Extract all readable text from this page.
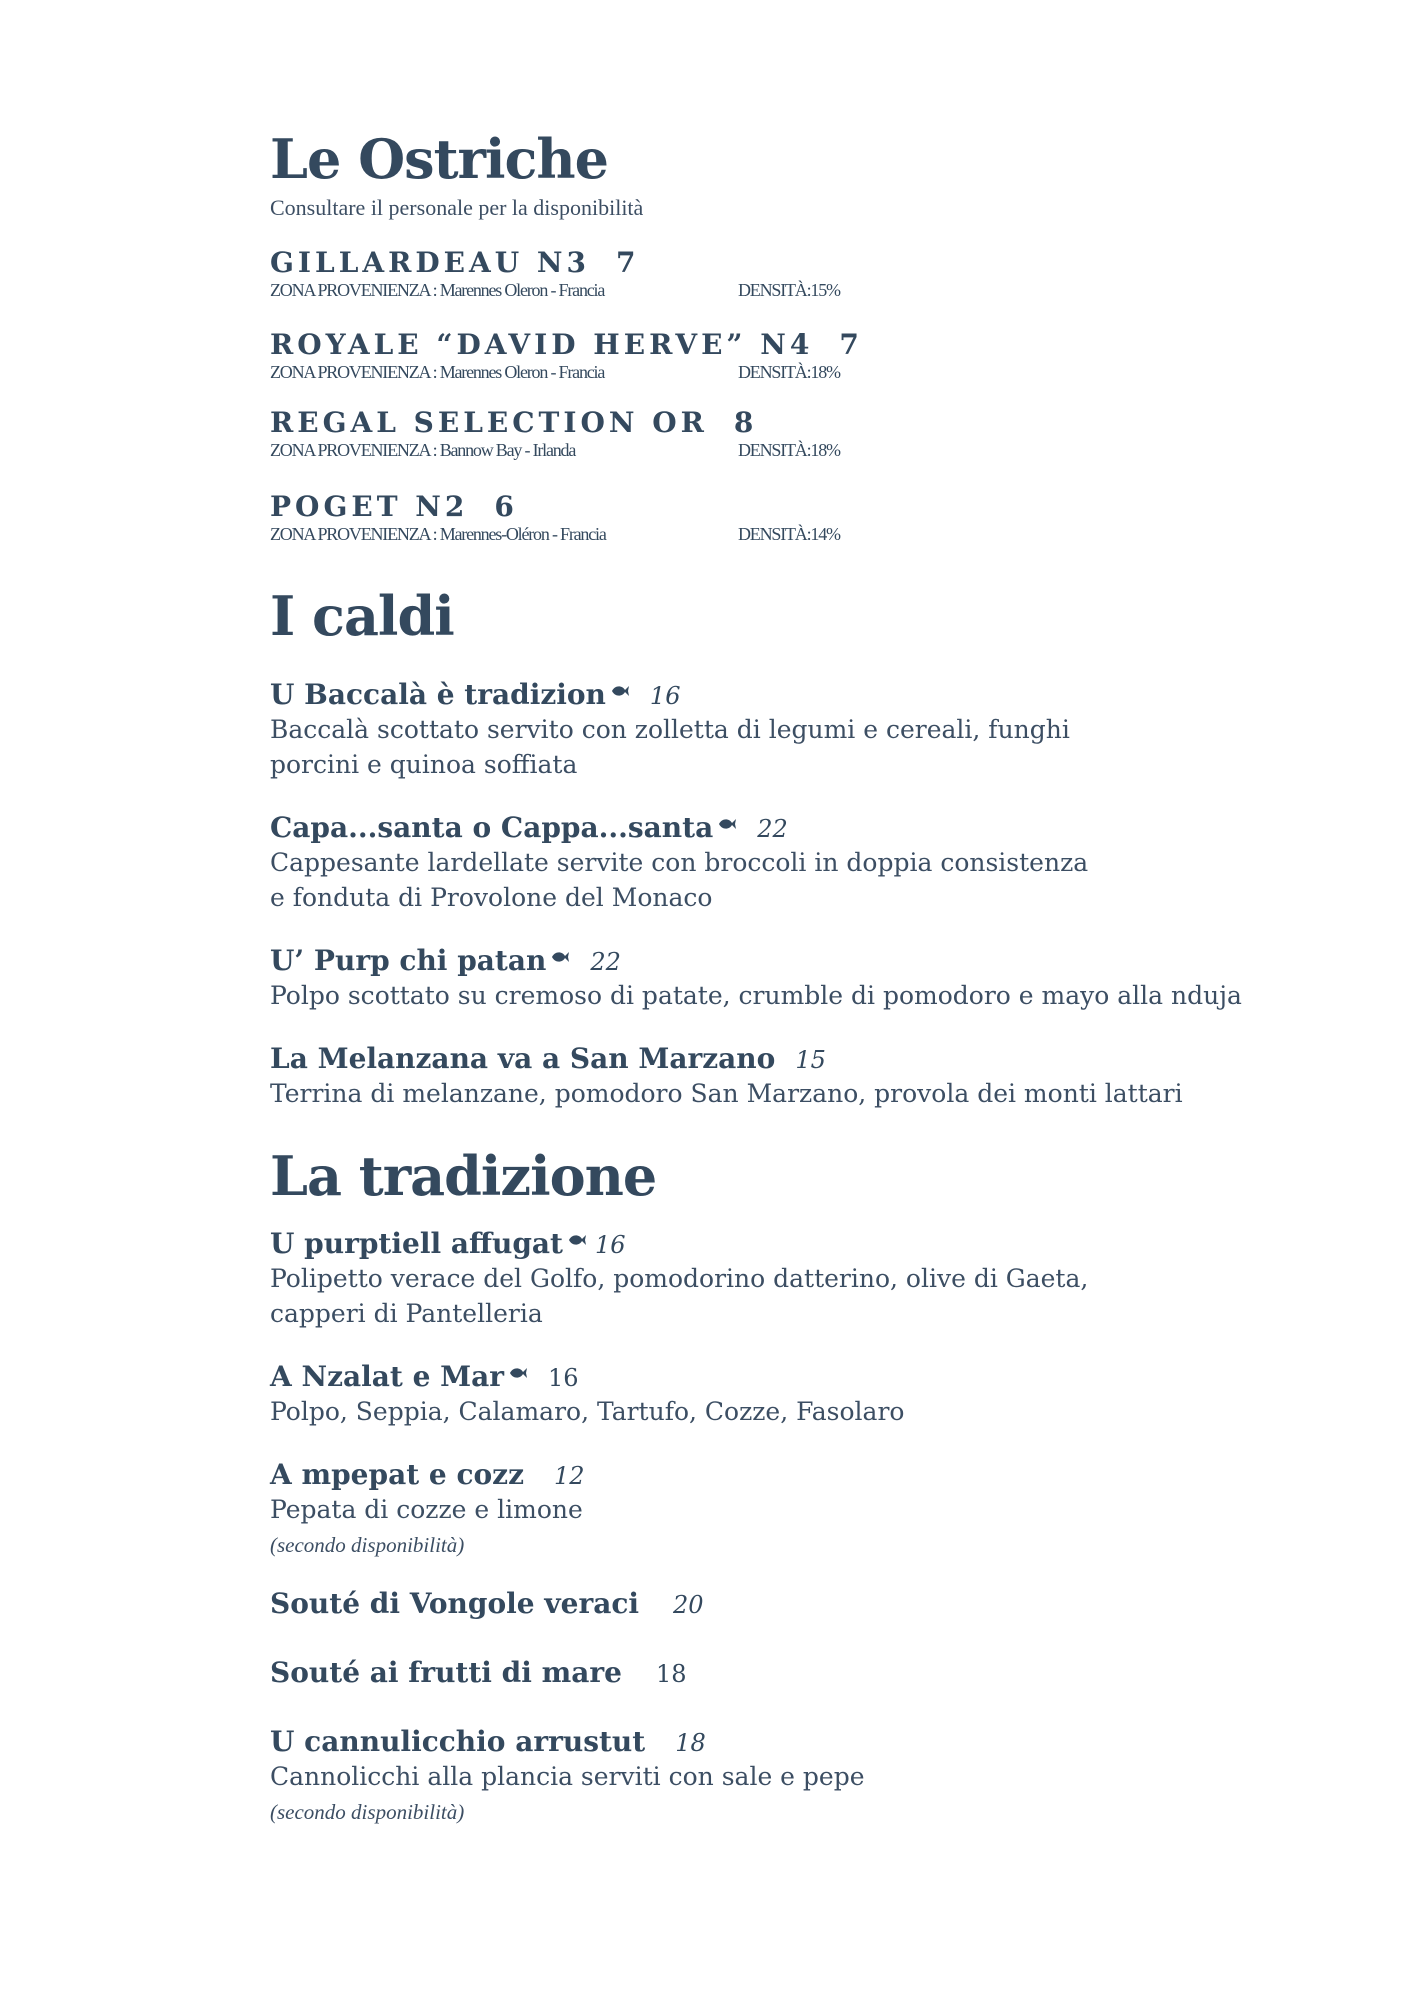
Le Ostriche
Consultare il personale per la disponibilità
GILLARDEAU N3 7
ZONA PROVENIENZA : Marennes Oleron - Francia	DENSITÀ:15%
ROYALE “DAVID HERVE” N4 7
ZONA PROVENIENZA : Marennes Oleron - Francia	DENSITÀ:18%
REGAL SELECTION OR 8
ZONA PROVENIENZA : Bannow Bay - Irlanda	DENSITÀ:18%
POGET N2 6
ZONA PROVENIENZA : Marennes-Oléron - Francia	DENSITÀ:14%
I caldi
U Baccalà è tradizion 16
Baccalà scottato servito con zolletta di legumi e cereali, funghi porcini e quinoa soffiata
Capa...santa o Cappa...santa 22
Cappesante lardellate servite con broccoli in doppia consistenza e fonduta di Provolone del Monaco
U’ Purp chi patan 22
Polpo scottato su cremoso di patate, crumble di pomodoro e mayo alla nduja
La Melanzana va a San Marzano 15
Terrina di melanzane, pomodoro San Marzano, provola dei monti lattari
La tradizione
U purptiell affugat 16
Polipetto verace del Golfo, pomodorino datterino, olive di Gaeta, capperi di Pantelleria
A Nzalat e Mar 16
Polpo, Seppia, Calamaro, Tartufo, Cozze, Fasolaro
A mpepat e cozz 12
Pepata di cozze e limone
(secondo disponibilità)
Souté di Vongole veraci 20
Souté ai frutti di mare 18
U cannulicchio arrustut 18
Cannolicchi alla plancia serviti con sale e pepe
(secondo disponibilità)
